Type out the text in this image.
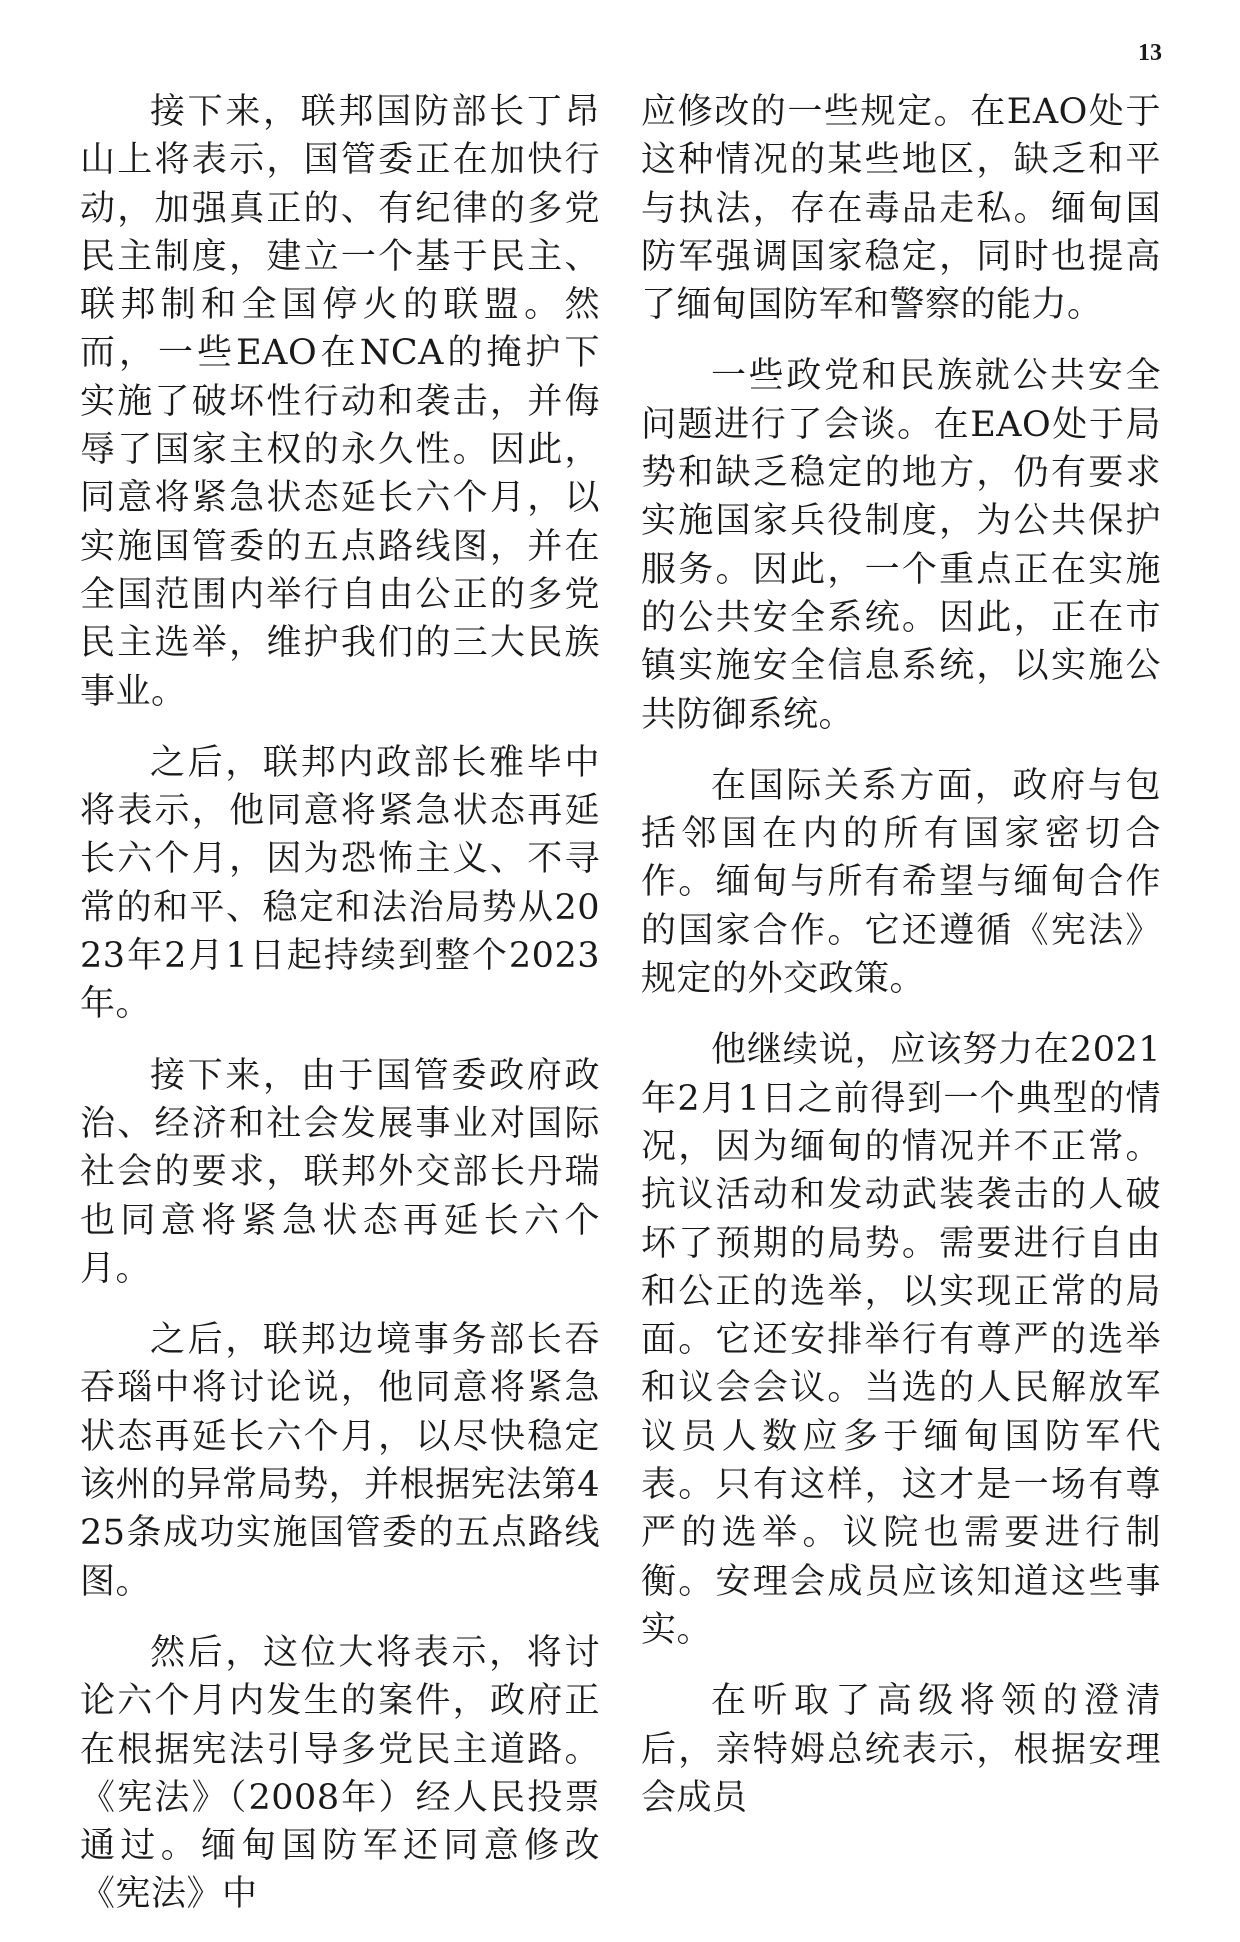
13

接下来，联邦国防部长丁昂山上将表示，国管委正在加快行动，加强真正的、有纪律的多党民主制度，建立一个基于民主、联邦制和全国停火的联盟。然而，一些EAO在NCA的掩护下实施了破坏性行动和袭击，并侮辱了国家主权的永久性。因此，同意将紧急状态延长六个月，以实施国管委的五点路线图，并在全国范围内举行自由公正的多党民主选举，维护我们的三大民族事业。

之后，联邦内政部长雅毕中将表示，他同意将紧急状态再延长六个月，因为恐怖主义、不寻常的和平、稳定和法治局势从2023年2月1日起持续到整个2023年。

接下来，由于国管委政府政治、经济和社会发展事业对国际社会的要求，联邦外交部长丹瑞也同意将紧急状态再延长六个月。

之后，联邦边境事务部长吞吞瑙中将讨论说，他同意将紧急状态再延长六个月，以尽快稳定该州的异常局势，并根据宪法第425条成功实施国管委的五点路线图。

然后，这位大将表示，将讨论六个月内发生的案件，政府正在根据宪法引导多党民主道路。《宪法》（2008年）经人民投票通过。缅甸国防军还同意修改《宪法》中

应修改的一些规定。在EAO处于这种情况的某些地区，缺乏和平与执法，存在毒品走私。缅甸国防军强调国家稳定，同时也提高了缅甸国防军和警察的能力。

一些政党和民族就公共安全问题进行了会谈。在EAO处于局势和缺乏稳定的地方，仍有要求实施国家兵役制度，为公共保护服务。因此，一个重点正在实施的公共安全系统。因此，正在市镇实施安全信息系统，以实施公共防御系统。

在国际关系方面，政府与包括邻国在内的所有国家密切合作。缅甸与所有希望与缅甸合作的国家合作。它还遵循《宪法》规定的外交政策。

他继续说，应该努力在2021年2月1日之前得到一个典型的情况，因为缅甸的情况并不正常。抗议活动和发动武装袭击的人破坏了预期的局势。需要进行自由和公正的选举，以实现正常的局面。它还安排举行有尊严的选举和议会会议。当选的人民解放军议员人数应多于缅甸国防军代表。只有这样，这才是一场有尊严的选举。议院也需要进行制衡。安理会成员应该知道这些事实。

在听取了高级将领的澄清后，亲特姆总统表示，根据安理会成员
